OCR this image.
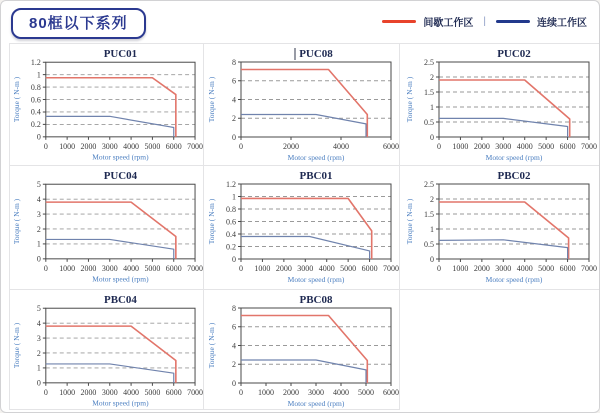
80框以下系列	间歇工作区 |	连续工作区
PUC01
0
0.2
0.4
0.6
0.8
1
1.2
0 1000 2000 3000 4000 5000 6000 7000
Motor speed (rpm)
Torque ( N-m )
PUC08
0
2
4
6
8
0	2000	4000	6000
Motor speed (rpm)
Torque ( N-m )
PUC02
0
0.5
1
1.5
2
2.5
0 1000 2000 3000 4000 5000 6000 7000
Motor speed (rpm)
Torque ( N-m )
PUC04
0
1
2
3
4
5
0 1000 2000 3000 4000 5000 6000 7000
Motor speed (rpm)
Torque ( N-m )
PBC01
0
0.2
0.4
0.6
0.8
1
1.2
0 1000 2000 3000 4000 5000 6000 7000
Motor speed (rpm)
Torque ( N-m )
PBC02
0
0.5
1
1.5
2
2.5
0 1000 2000 3000 4000 5000 6000 7000
Motor speed (rpm)
Torque ( N-m )
PBC04
0
1
2
3
4
5
0 1000 2000 3000 4000 5000 6000 7000
Motor speed (rpm)
Torque ( N-m )
PBC08
0
2
4
6
8
0 1000 2000 3000 4000 5000 6000
Motor speed (rpm)
Torque ( N-m )
